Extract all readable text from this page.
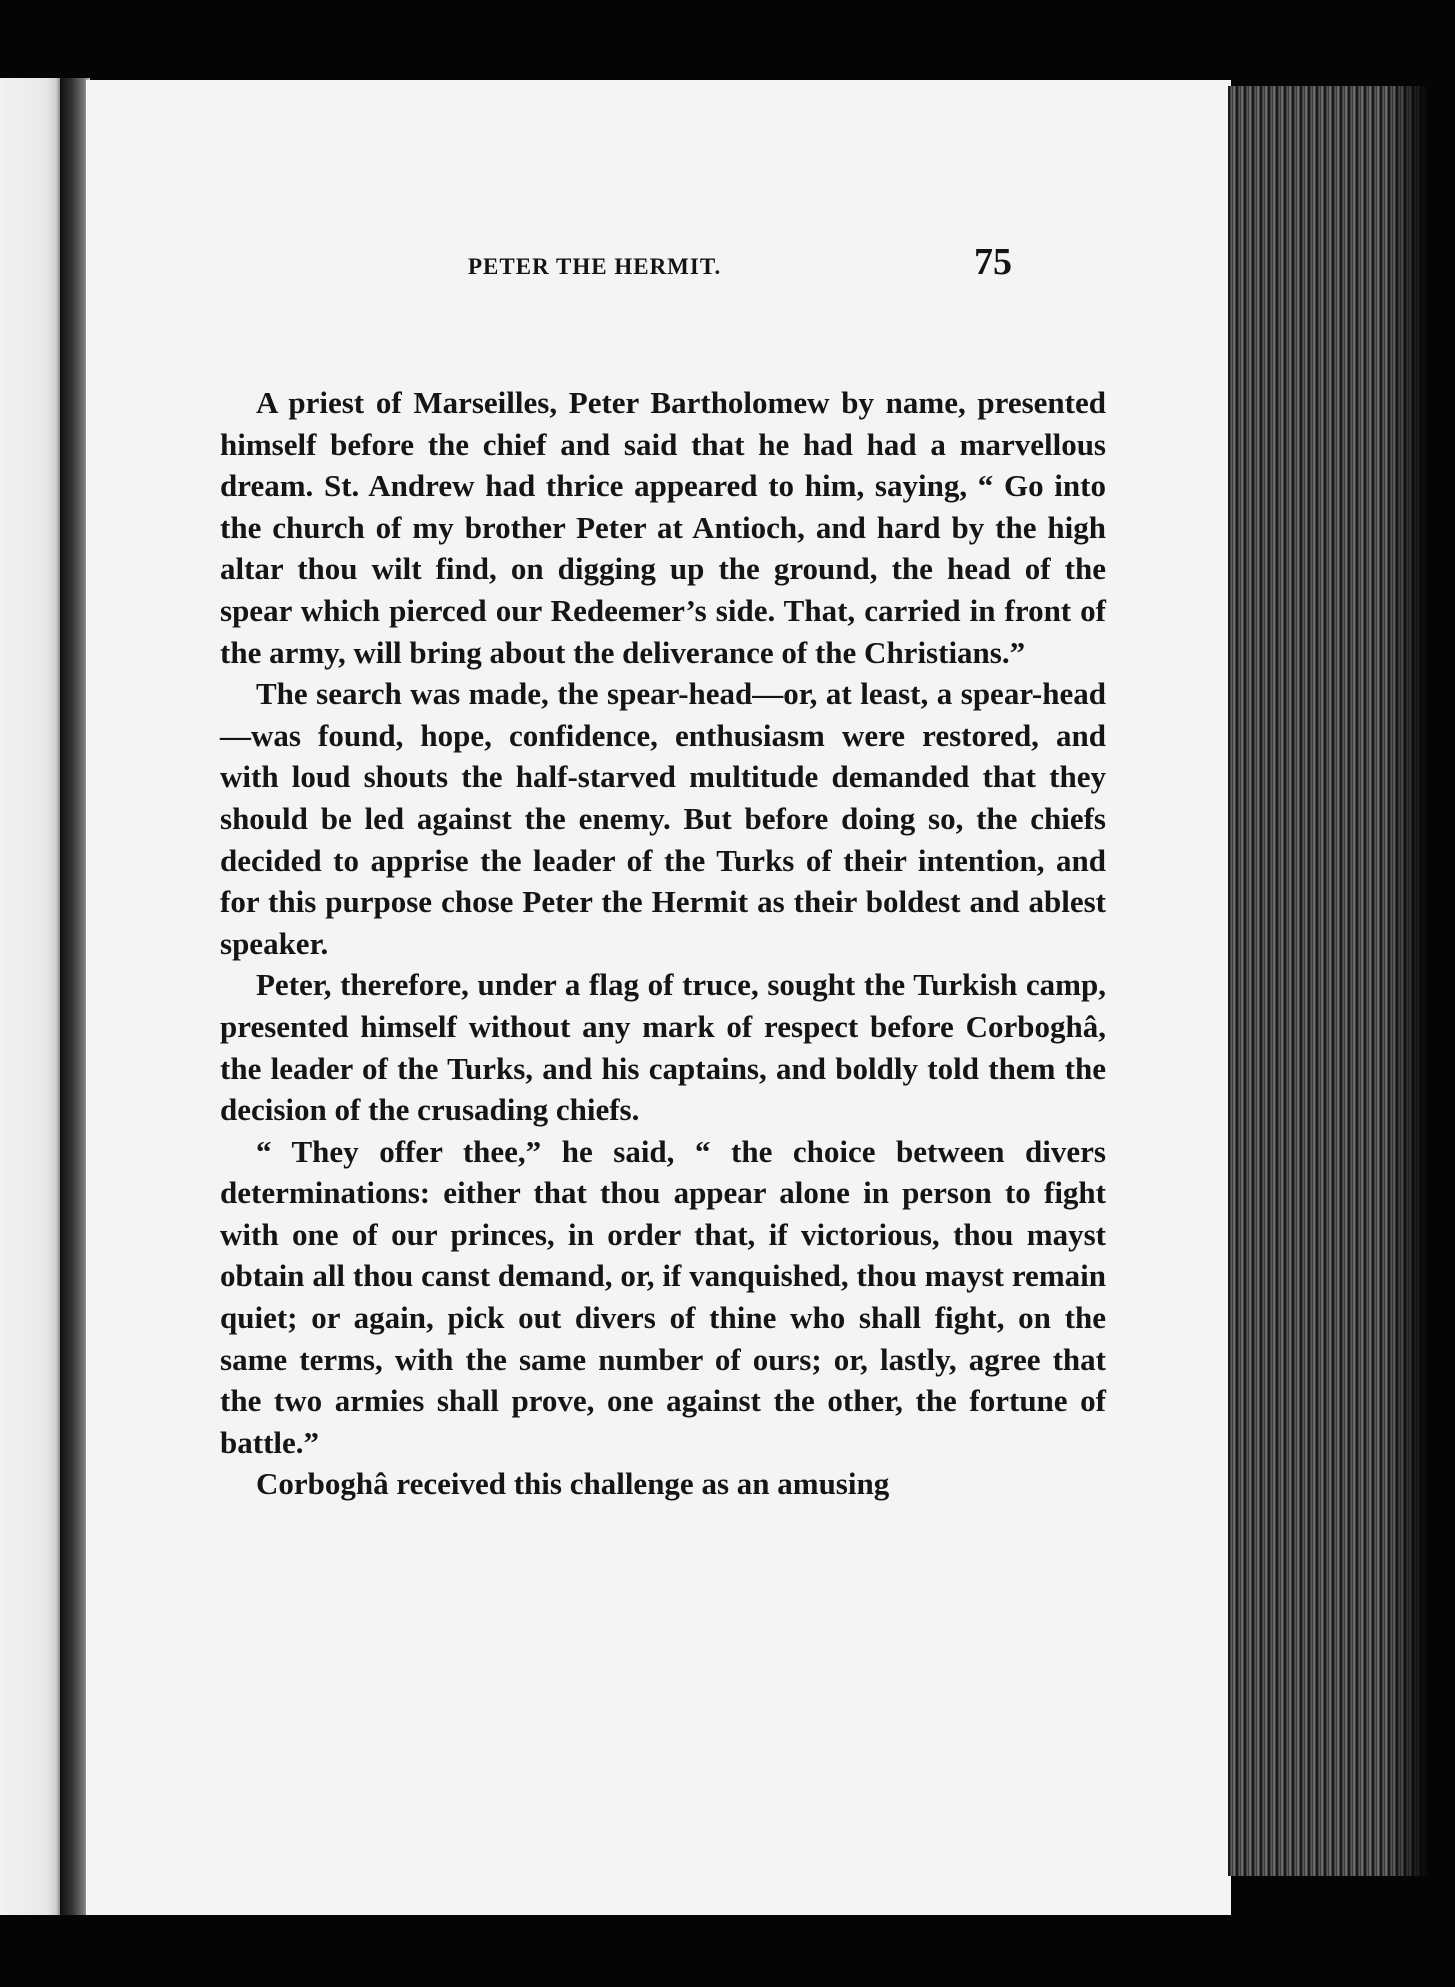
PETER THE HERMIT.	75

A priest of Marseilles, Peter Bartholomew by name, presented himself before the chief and said that he had had a marvellous dream. St. Andrew had thrice appeared to him, saying, “ Go into the church of my brother Peter at Antioch, and hard by the high altar thou wilt find, on digging up the ground, the head of the spear which pierced our Redeemer’s side. That, carried in front of the army, will bring about the deliverance of the Christians.”

The search was made, the spear-head—or, at least, a spear-head—was found, hope, confidence, enthusiasm were restored, and with loud shouts the half-starved multitude demanded that they should be led against the enemy. But before doing so, the chiefs decided to apprise the leader of the Turks of their intention, and for this purpose chose Peter the Hermit as their boldest and ablest speaker.

Peter, therefore, under a flag of truce, sought the Turkish camp, presented himself without any mark of respect before Corboghâ, the leader of the Turks, and his captains, and boldly told them the decision of the crusading chiefs.

“ They offer thee,” he said, “ the choice between divers determinations: either that thou appear alone in person to fight with one of our princes, in order that, if victorious, thou mayst obtain all thou canst demand, or, if vanquished, thou mayst remain quiet; or again, pick out divers of thine who shall fight, on the same terms, with the same number of ours; or, lastly, agree that the two armies shall prove, one against the other, the fortune of battle.”

Corboghâ received this challenge as an amusing
